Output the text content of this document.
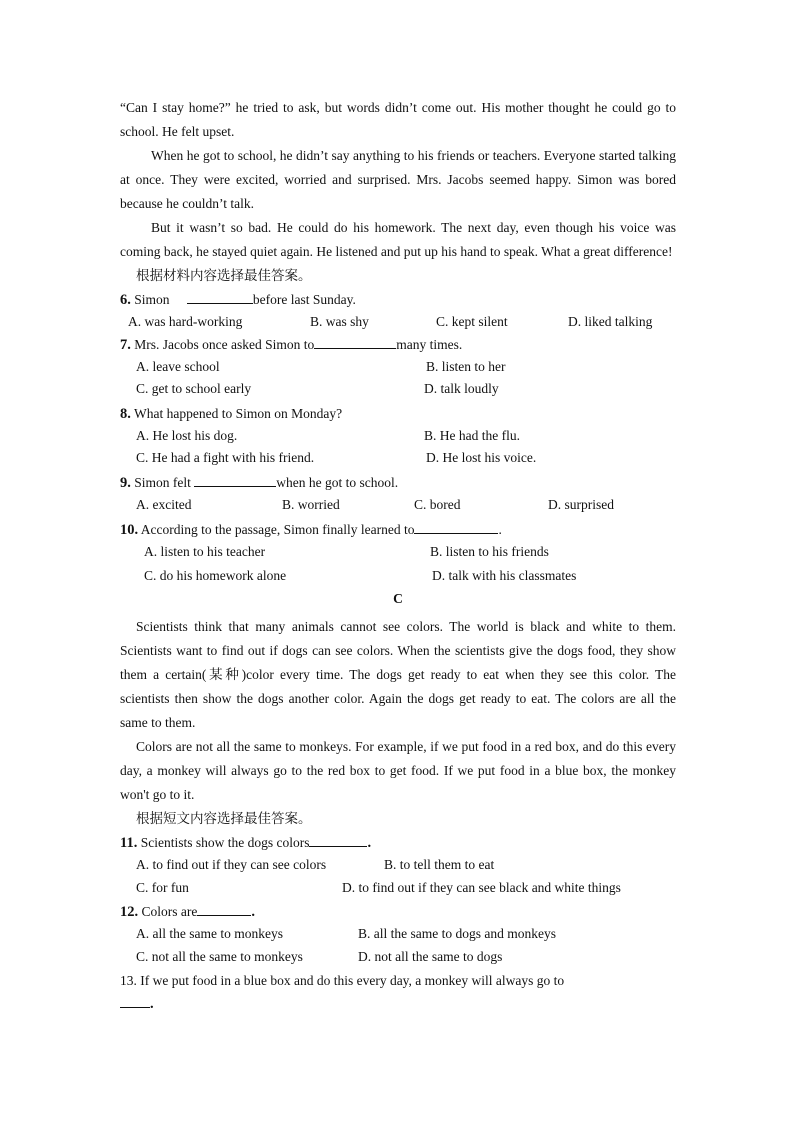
“Can I stay home?” he tried to ask, but words didn’t come out. His mother thought he could go to school. He felt upset.

When he got to school, he didn’t say anything to his friends or teachers. Everyone started talking at once. They were excited, worried and surprised. Mrs. Jacobs seemed happy. Simon was bored because he couldn’t talk.

But it wasn’t so bad. He could do his homework. The next day, even though his voice was coming back, he stayed quiet again. He listened and put up his hand to speak. What a great difference!

根据材料内容选择最佳答案。

6. Simon	before last Sunday.
A. was hard-working	B. was shy	C. kept silent	D. liked talking
7. Mrs. Jacobs once asked Simon to	many times.
A. leave school	B. listen to her
C. get to school early	D. talk loudly
8. What happened to Simon on Monday?
A. He lost his dog.	B. He had the flu.
C. He had a fight with his friend.	D. He lost his voice.
9. Simon felt	when he got to school.
A. excited	B. worried	C. bored	D. surprised
10. According to the passage, Simon finally learned to	.
A. listen to his teacher	B. listen to his friends
C. do his homework alone	D. talk with his classmates

C

Scientists think that many animals cannot see colors. The world is black and white to them. Scientists want to find out if dogs can see colors. When the scientists give the dogs food, they show them a certain(某种)color every time. The dogs get ready to eat when they see this color. The scientists then show the dogs another color. Again the dogs get ready to eat. The colors are all the same to them.

Colors are not all the same to monkeys. For example, if we put food in a red box, and do this every day, a monkey will always go to the red box to get food. If we put food in a blue box, the monkey won't go to it.

根据短文内容选择最佳答案。

11. Scientists show the dogs colors	.
A. to find out if they can see colors	B. to tell them to eat
C. for fun	D. to find out if they can see black and white things
12. Colors are	.
A. all the same to monkeys	B. all the same to dogs and monkeys
C. not all the same to monkeys	D. not all the same to dogs
13. If we put food in a blue box and do this every day, a monkey will always go to
.
